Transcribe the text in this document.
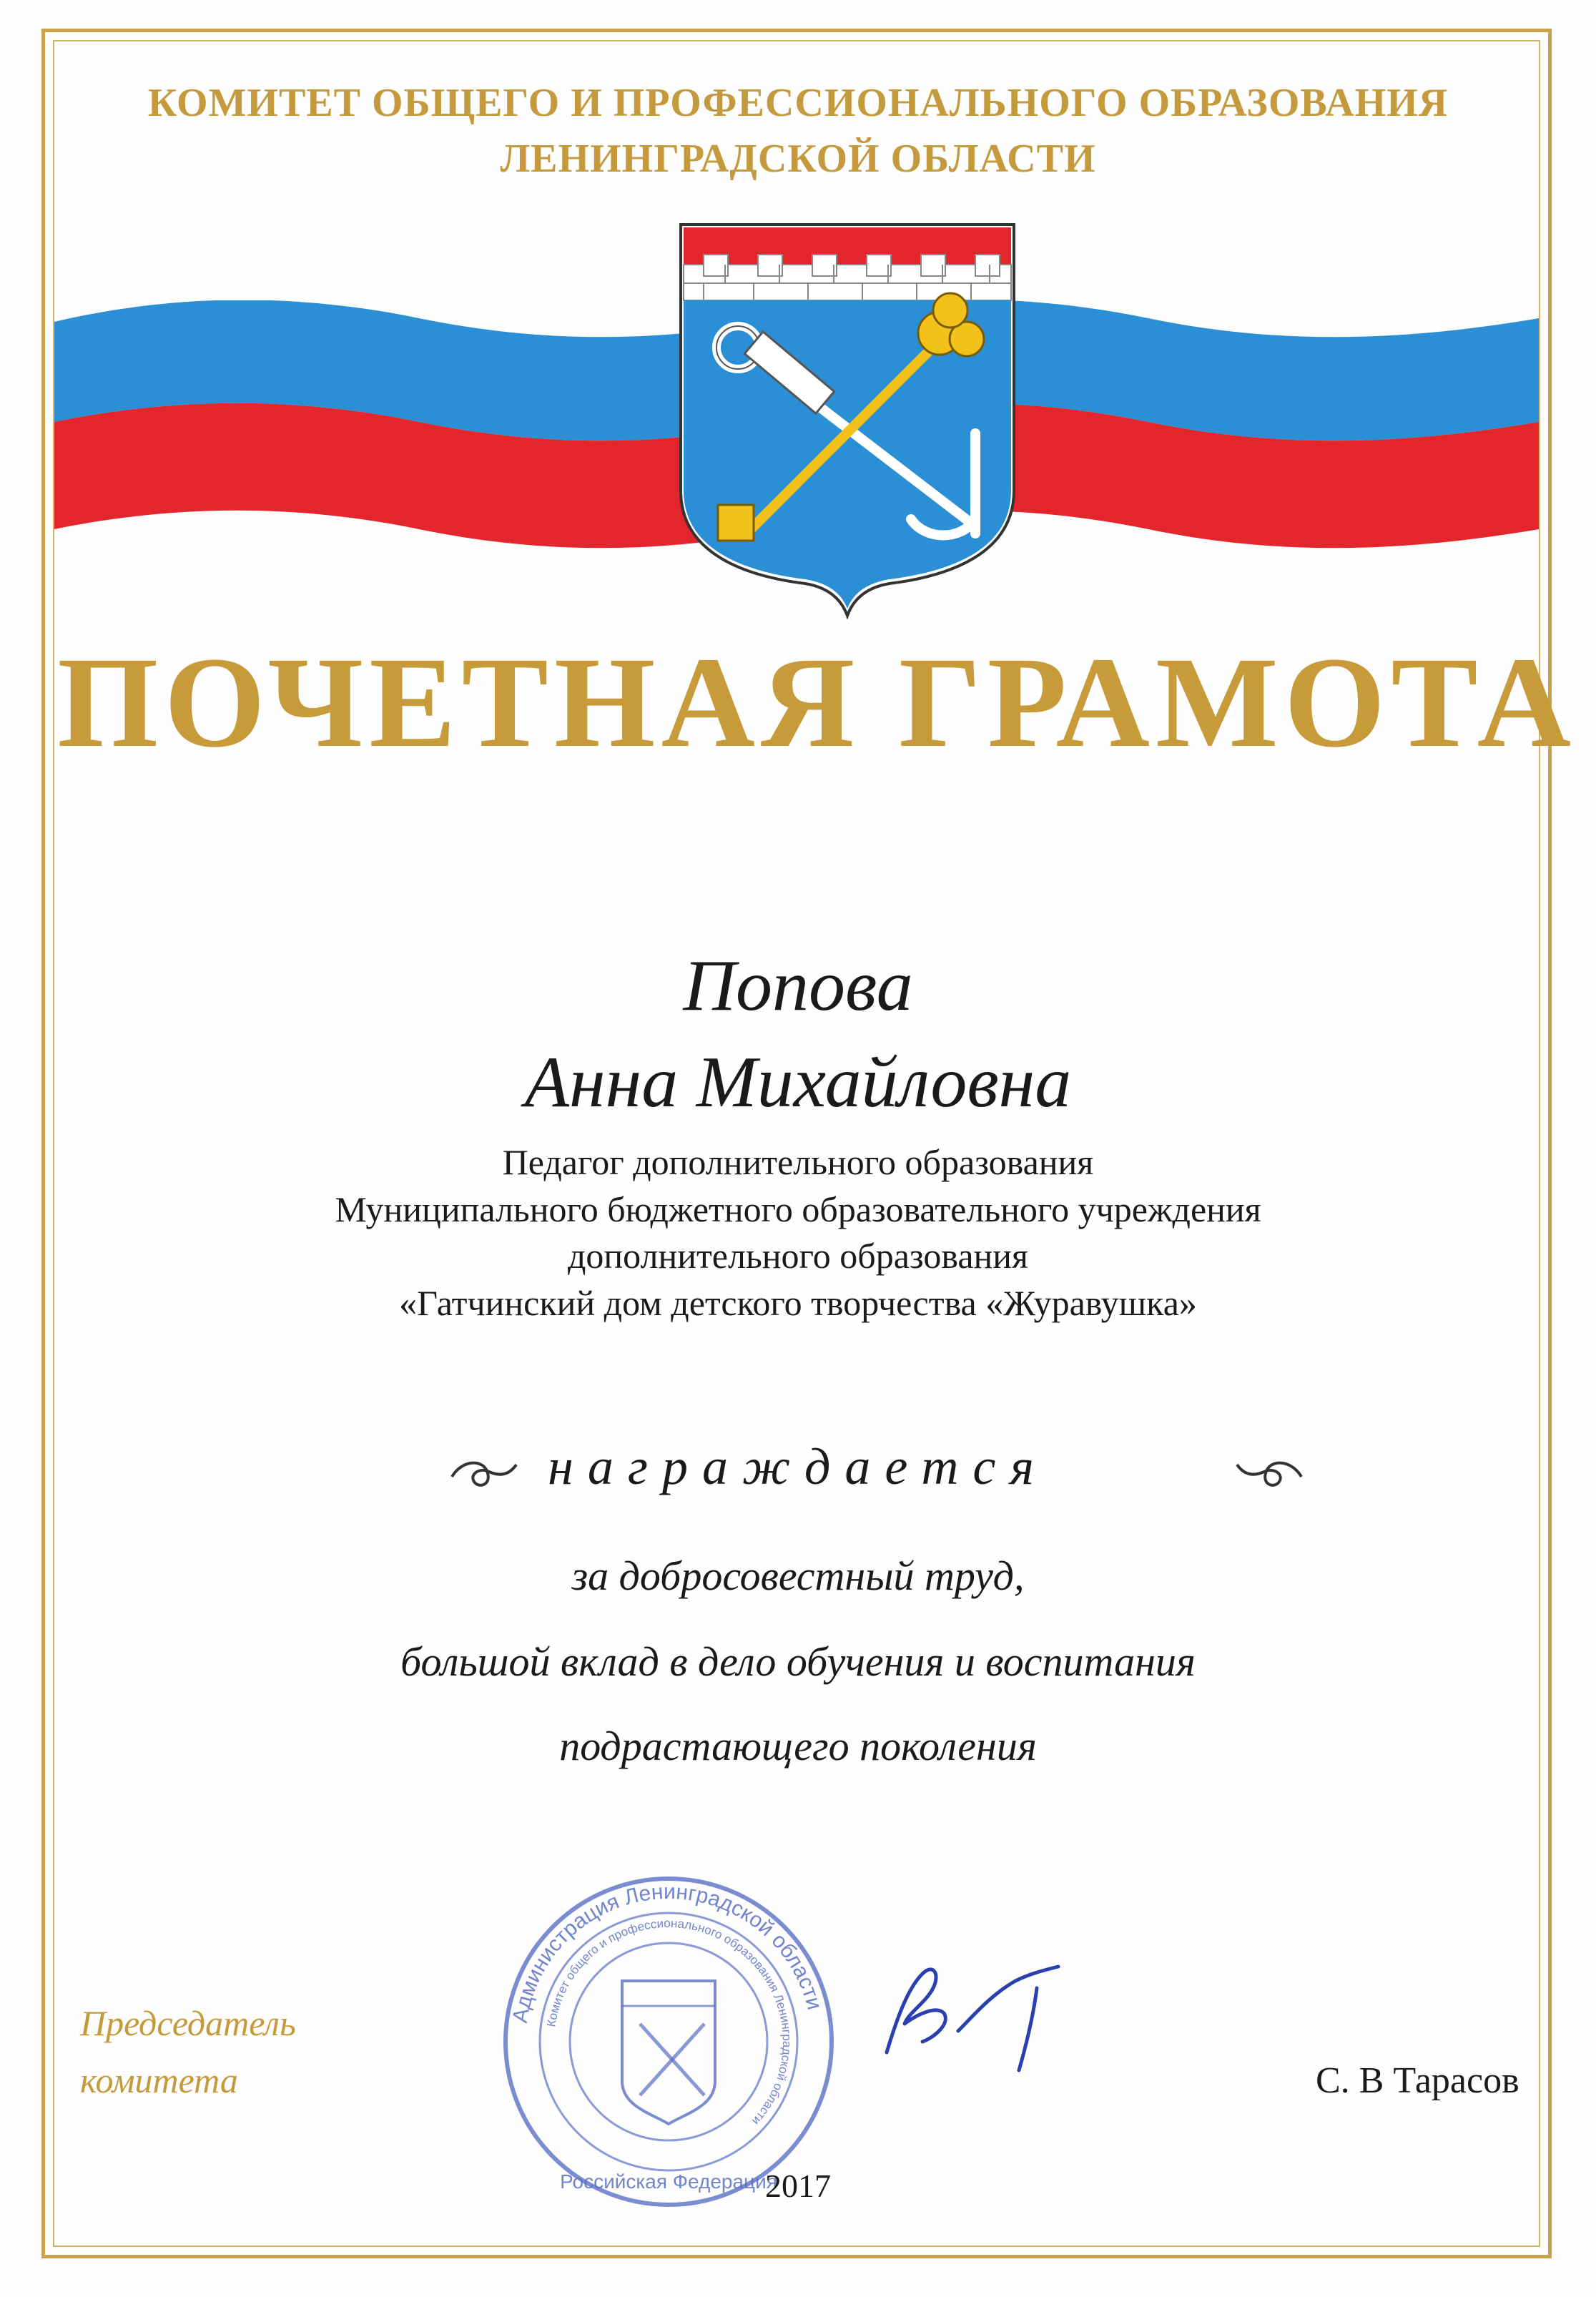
КОМИТЕТ ОБЩЕГО И ПРОФЕССИОНАЛЬНОГО ОБРАЗОВАНИЯ
ЛЕНИНГРАДСКОЙ ОБЛАСТИ
ПОЧЕТНАЯ ГРАМОТА
Попова
Анна Михайловна
Педагог дополнительного образования
Муниципального бюджетного образовательного учреждения
дополнительного образования
«Гатчинский дом детского творчества «Журавушка»
награждается
за добросовестный труд,
большой вклад в дело обучения и воспитания
подрастающего поколения
Председатель
комитета
Администрация Ленинградской области
Комитет общего и профессионального образования Ленинградской области
Российская Федерация
С. В Тарасов
2017
